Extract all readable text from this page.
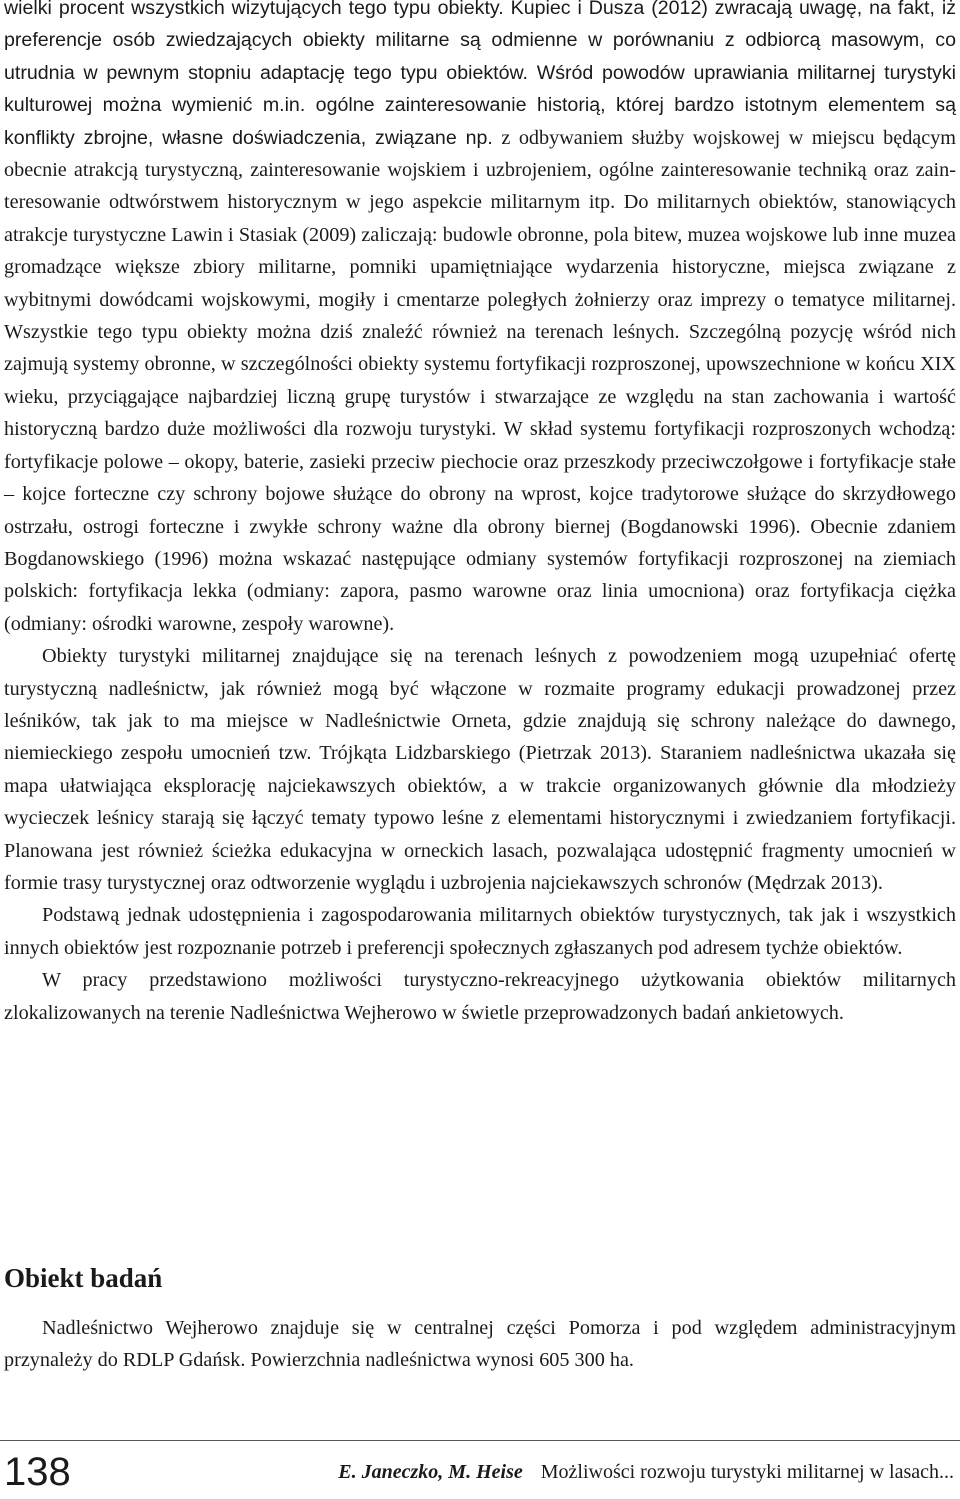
wielki procent wszystkich wizytujących tego typu obiekty. Kupiec i Dusza (2012) zwracają uwagę, na fakt, iż preferencje osób zwiedzających obiekty militarne są odmienne w porównaniu z odbiorcą masowym, co utrudnia w pewnym stopniu adaptację tego typu obiektów. Wśród powodów uprawiania militarnej turystyki kulturowej można wymienić m.in. ogólne zainteresowanie historią, której bardzo istotnym elementem są konflikty zbrojne, własne doświadczenia, związane np. z odbywaniem służby wojskowej w miejscu będącym obecnie atrakcją turystyczną, zainteresowanie wojskiem i uzbrojeniem, ogólne zainteresowanie techniką oraz zainteresowanie odtwórstwem historycznym w jego aspekcie militarnym itp. Do militarnych obiektów, stanowiących atrakcje turystyczne Lawin i Stasiak (2009) zaliczają: budowle obronne, pola bitew, muzea wojskowe lub inne muzea gromadzące większe zbiory militarne, pomniki upamiętniające wydarzenia historyczne, miejsca związane z wybitnymi dowódcami wojskowymi, mogiły i cmentarze poległych żołnierzy oraz imprezy o tematyce militarnej. Wszystkie tego typu obiekty można dziś znaleźć również na terenach leśnych. Szczególną pozycję wśród nich zajmują systemy obronne, w szczególności obiekty systemu fortyfikacji rozproszonej, upowszechnione w końcu XIX wieku, przyciągające najbardziej liczną grupę turystów i stwarzające ze względu na stan zachowania i wartość historyczną bardzo duże możliwości dla rozwoju turystyki. W skład systemu fortyfikacji rozproszonych wchodzą: fortyfikacje polowe – okopy, baterie, zasieki przeciw piechocie oraz przeszkody przeciwczołgowe i fortyfikacje stałe – kojce forteczne czy schrony bojowe służące do obrony na wprost, kojce tradytorowe służące do skrzydłowego ostrzału, ostrogi forteczne i zwykłe schrony ważne dla obrony biernej (Bogdanowski 1996). Obecnie zdaniem Bogdanowskiego (1996) można wskazać następujące odmiany systemów fortyfikacji rozproszonej na ziemiach polskich: fortyfikacja lekka (odmiany: zapora, pasmo warowne oraz linia umocniona) oraz fortyfikacja ciężka (odmiany: ośrodki warowne, zespoły warowne).

Obiekty turystyki militarnej znajdujące się na terenach leśnych z powodzeniem mogą uzupełniać ofertę turystyczną nadleśnictw, jak również mogą być włączone w rozmaite programy edukacji prowadzonej przez leśników, tak jak to ma miejsce w Nadleśnictwie Orneta, gdzie znajdują się schrony należące do dawnego, niemieckiego zespołu umocnień tzw. Trójkąta Lidzbarskiego (Pietrzak 2013). Staraniem nadleśnictwa ukazała się mapa ułatwiająca eksplorację najciekawszych obiektów, a w trakcie organizowanych głównie dla młodzieży wycieczek leśnicy starają się łączyć tematy typowo leśne z elementami historycznymi i zwiedzaniem fortyfikacji. Planowana jest również ścieżka edukacyjna w orneckich lasach, pozwalająca udostępnić fragmenty umocnień w formie trasy turystycznej oraz odtworzenie wyglądu i uzbrojenia najciekawszych schronów (Mędrzak 2013).

Podstawą jednak udostępnienia i zagospodarowania militarnych obiektów turystycznych, tak jak i wszystkich innych obiektów jest rozpoznanie potrzeb i preferencji społecznych zgłaszanych pod adresem tychże obiektów.

W pracy przedstawiono możliwości turystyczno-rekreacyjnego użytkowania obiektów militarnych zlokalizowanych na terenie Nadleśnictwa Wejherowo w świetle przeprowadzonych badań ankietowych.

Obiekt badań

Nadleśnictwo Wejherowo znajduje się w centralnej części Pomorza i pod względem administracyjnym przynależy do RDLP Gdańsk. Powierzchnia nadleśnictwa wynosi 605 300 ha.

138	E. Janeczko, M. Heise Możliwości rozwoju turystyki militarnej w lasach...
